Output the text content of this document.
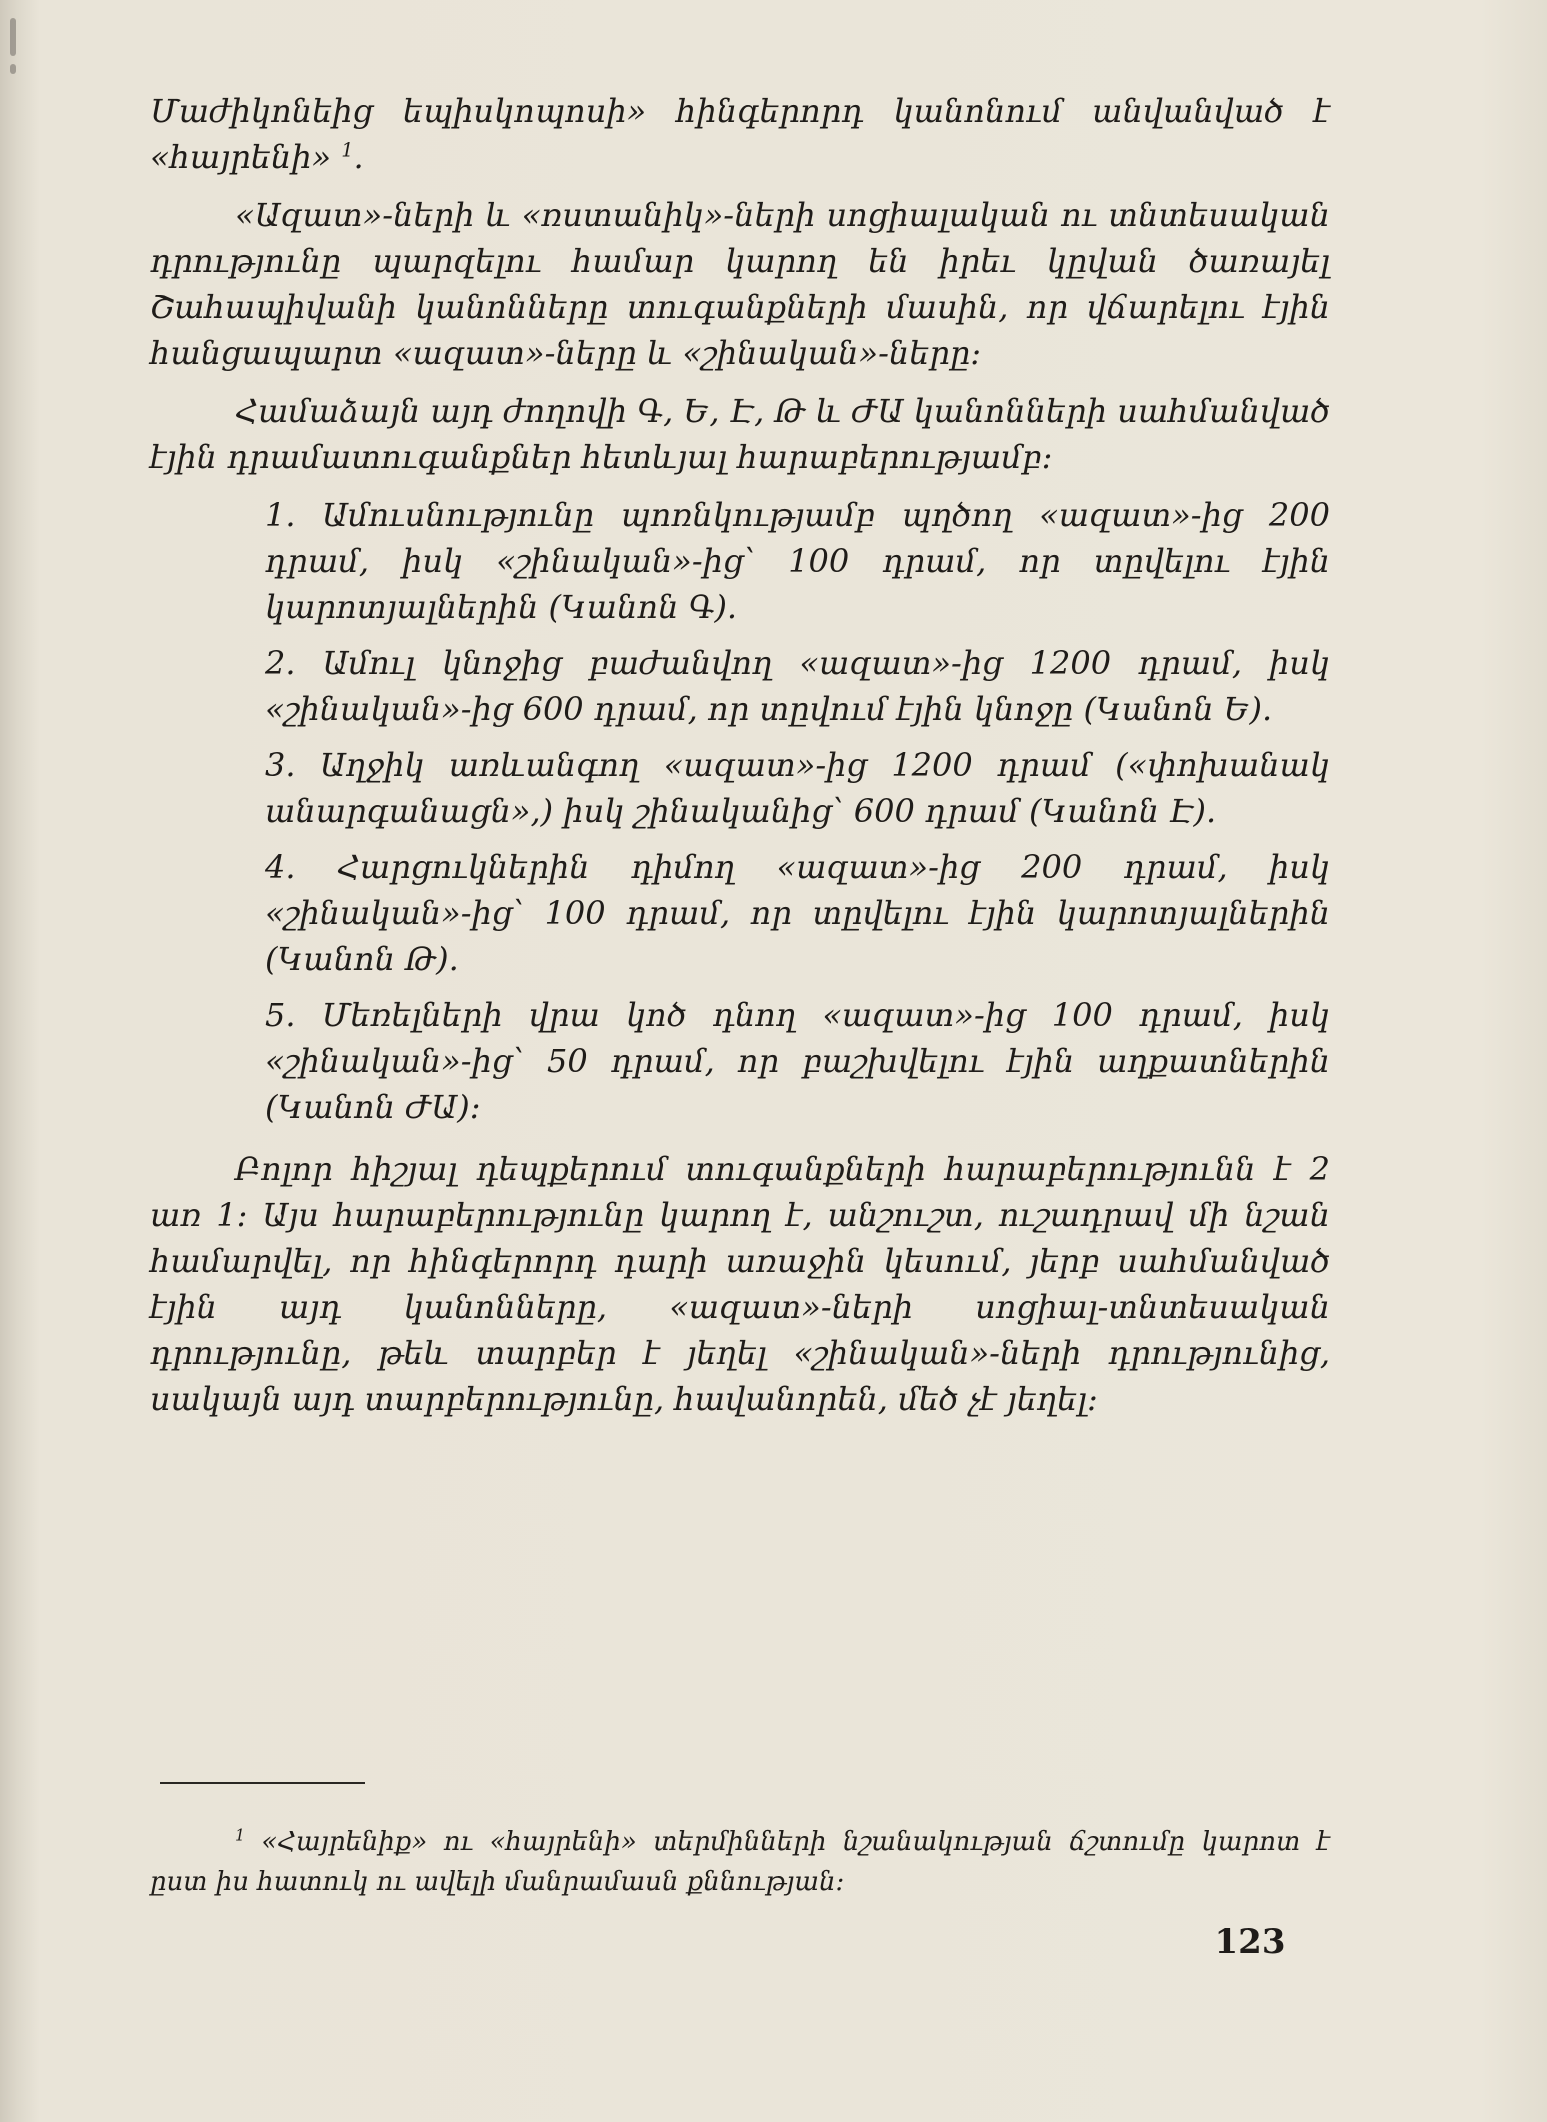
Մաժիկոնեից եպիսկոպոսի» հինգերորդ կանոնում անվանված է «հայրենի» $^1$.

«Ազատ»-ների և «ռստանիկ»-ների սոցիալական ու տնտեսական դրությունը պարզելու համար կարող են իրեւ կըվան ծառայել Շահապիվանի կանոնները տուգանքների մասին, որ վճարելու էյին հանցապարտ «ազատ»-ները և «շինական»-ները։

Համաձայն այդ ժողովի Գ, Ե, Է, Թ և ԺԱ կանոնների սահմանված էյին դրամատուգանքներ հետևյալ հարաբերությամբ։

1. Ամուսնությունը պոռնկությամբ պղծող «ազատ»-ից 200 դրամ, իսկ «շինական»-ից՝ 100 դրամ, որ տըվելու էյին կարոտյալներին (Կանոն Գ).

2. Ամուլ կնոջից բաժանվող «ազատ»-ից 1200 դրամ, իսկ «շինական»-ից 600 դրամ, որ տըվում էյին կնոջը (Կանոն Ե).

3. Աղջիկ առևանգող «ազատ»-ից 1200 դրամ («փոխանակ անարգանացն»,) իսկ շինականից՝ 600 դրամ (Կանոն Է).

4. Հարցուկներին դիմող «ազատ»-ից 200 դրամ, իսկ «շինական»-ից՝ 100 դրամ, որ տըվելու էյին կարոտյալներին (Կանոն Թ).

5. Մեռելների վրա կոծ դնող «ազատ»-ից 100 դրամ, իսկ «շինական»-ից՝ 50 դրամ, որ բաշխվելու էյին աղքատներին (Կանոն ԺԱ)։

Բոլոր հիշյալ դեպքերում տուգանքների հարաբերությունն է 2 առ 1։ Այս հարաբերությունը կարող է, անշուշտ, ուշադրավ մի նշան համարվել, որ հինգերորդ դարի առաջին կեսում, յերբ սահմանված էյին այդ կանոնները, «ազատ»-ների սոցիալ-տնտեսական դրությունը, թեև տարբեր է յեղել «շինական»-ների դրությունից, սակայն այդ տարբերությունը, հավանորեն, մեծ չէ յեղել։

$^1$ «Հայրենիք» ու «հայրենի» տերմինների նշանակության ճշտումը կարոտ է ըստ իս հատուկ ու ավելի մանրամասն քննության։

123
